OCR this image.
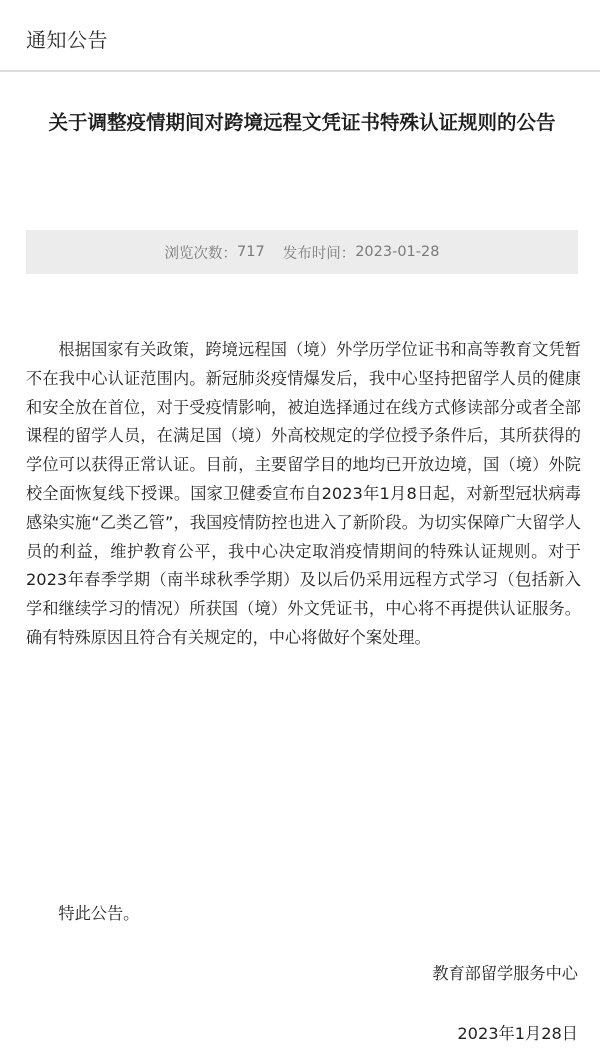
通知公告
关于调整疫情期间对跨境远程文凭证书特殊认证规则的公告
浏览次数： 717 发布时间： 2023-01-28

根据国家有关政策，跨境远程国（境）外学历学位证书和高等教育文凭暂不在我中心认证范围内。新冠肺炎疫情爆发后，我中心坚持把留学人员的健康和安全放在首位，对于受疫情影响，被迫选择通过在线方式修读部分或者全部课程的留学人员，在满足国（境）外高校规定的学位授予条件后，其所获得的学位可以获得正常认证。目前，主要留学目的地均已开放边境，国（境）外院校全面恢复线下授课。国家卫健委宣布自2023年1月8日起，对新型冠状病毒感染实施“乙类乙管”，我国疫情防控也进入了新阶段。为切实保障广大留学人员的利益，维护教育公平，我中心决定取消疫情期间的特殊认证规则。对于2023年春季学期（南半球秋季学期）及以后仍采用远程方式学习（包括新入学和继续学习的情况）所获国（境）外文凭证书，中心将不再提供认证服务。确有特殊原因且符合有关规定的，中心将做好个案处理。

特此公告。

教育部留学服务中心
2023年1月28日
